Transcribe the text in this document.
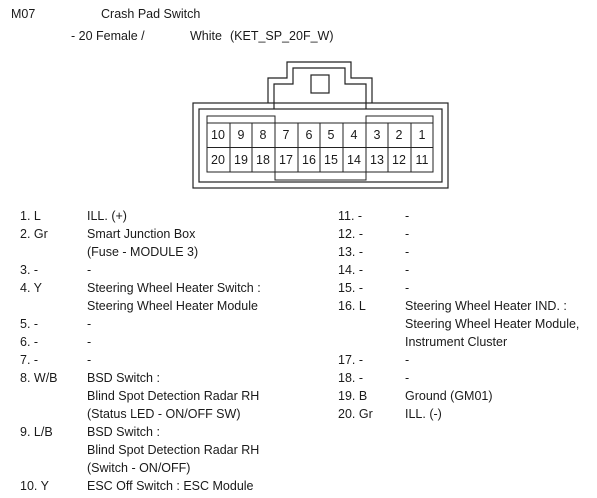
M07	Crash Pad Switch
- 20 Female /	White (KET_SP_20F_W)
10	9	8	7	6	5	4	3	2	1
20 19 18 17 16 15 14 13 12 11
1. L	ILL. (+)
2. Gr	Smart Junction Box
(Fuse - MODULE 3)
3. -	-
4. Y	Steering Wheel Heater Switch :
Steering Wheel Heater Module
5. -	-
6. -	-
7. -	-
8. W/B BSD Switch :
Blind Spot Detection Radar RH
(Status LED - ON/OFF SW)
9. L/B	BSD Switch :
Blind Spot Detection Radar RH
(Switch - ON/OFF)
10. Y	ESC Off Switch : ESC Module
11. -	-
12. -	-
13. -	-
14. -	-
15. -	-
16. L	Steering Wheel Heater IND. :
Steering Wheel Heater Module,
Instrument Cluster
17. -	-
18. -	-
19. B	Ground (GM01)
20. Gr	ILL. (-)
